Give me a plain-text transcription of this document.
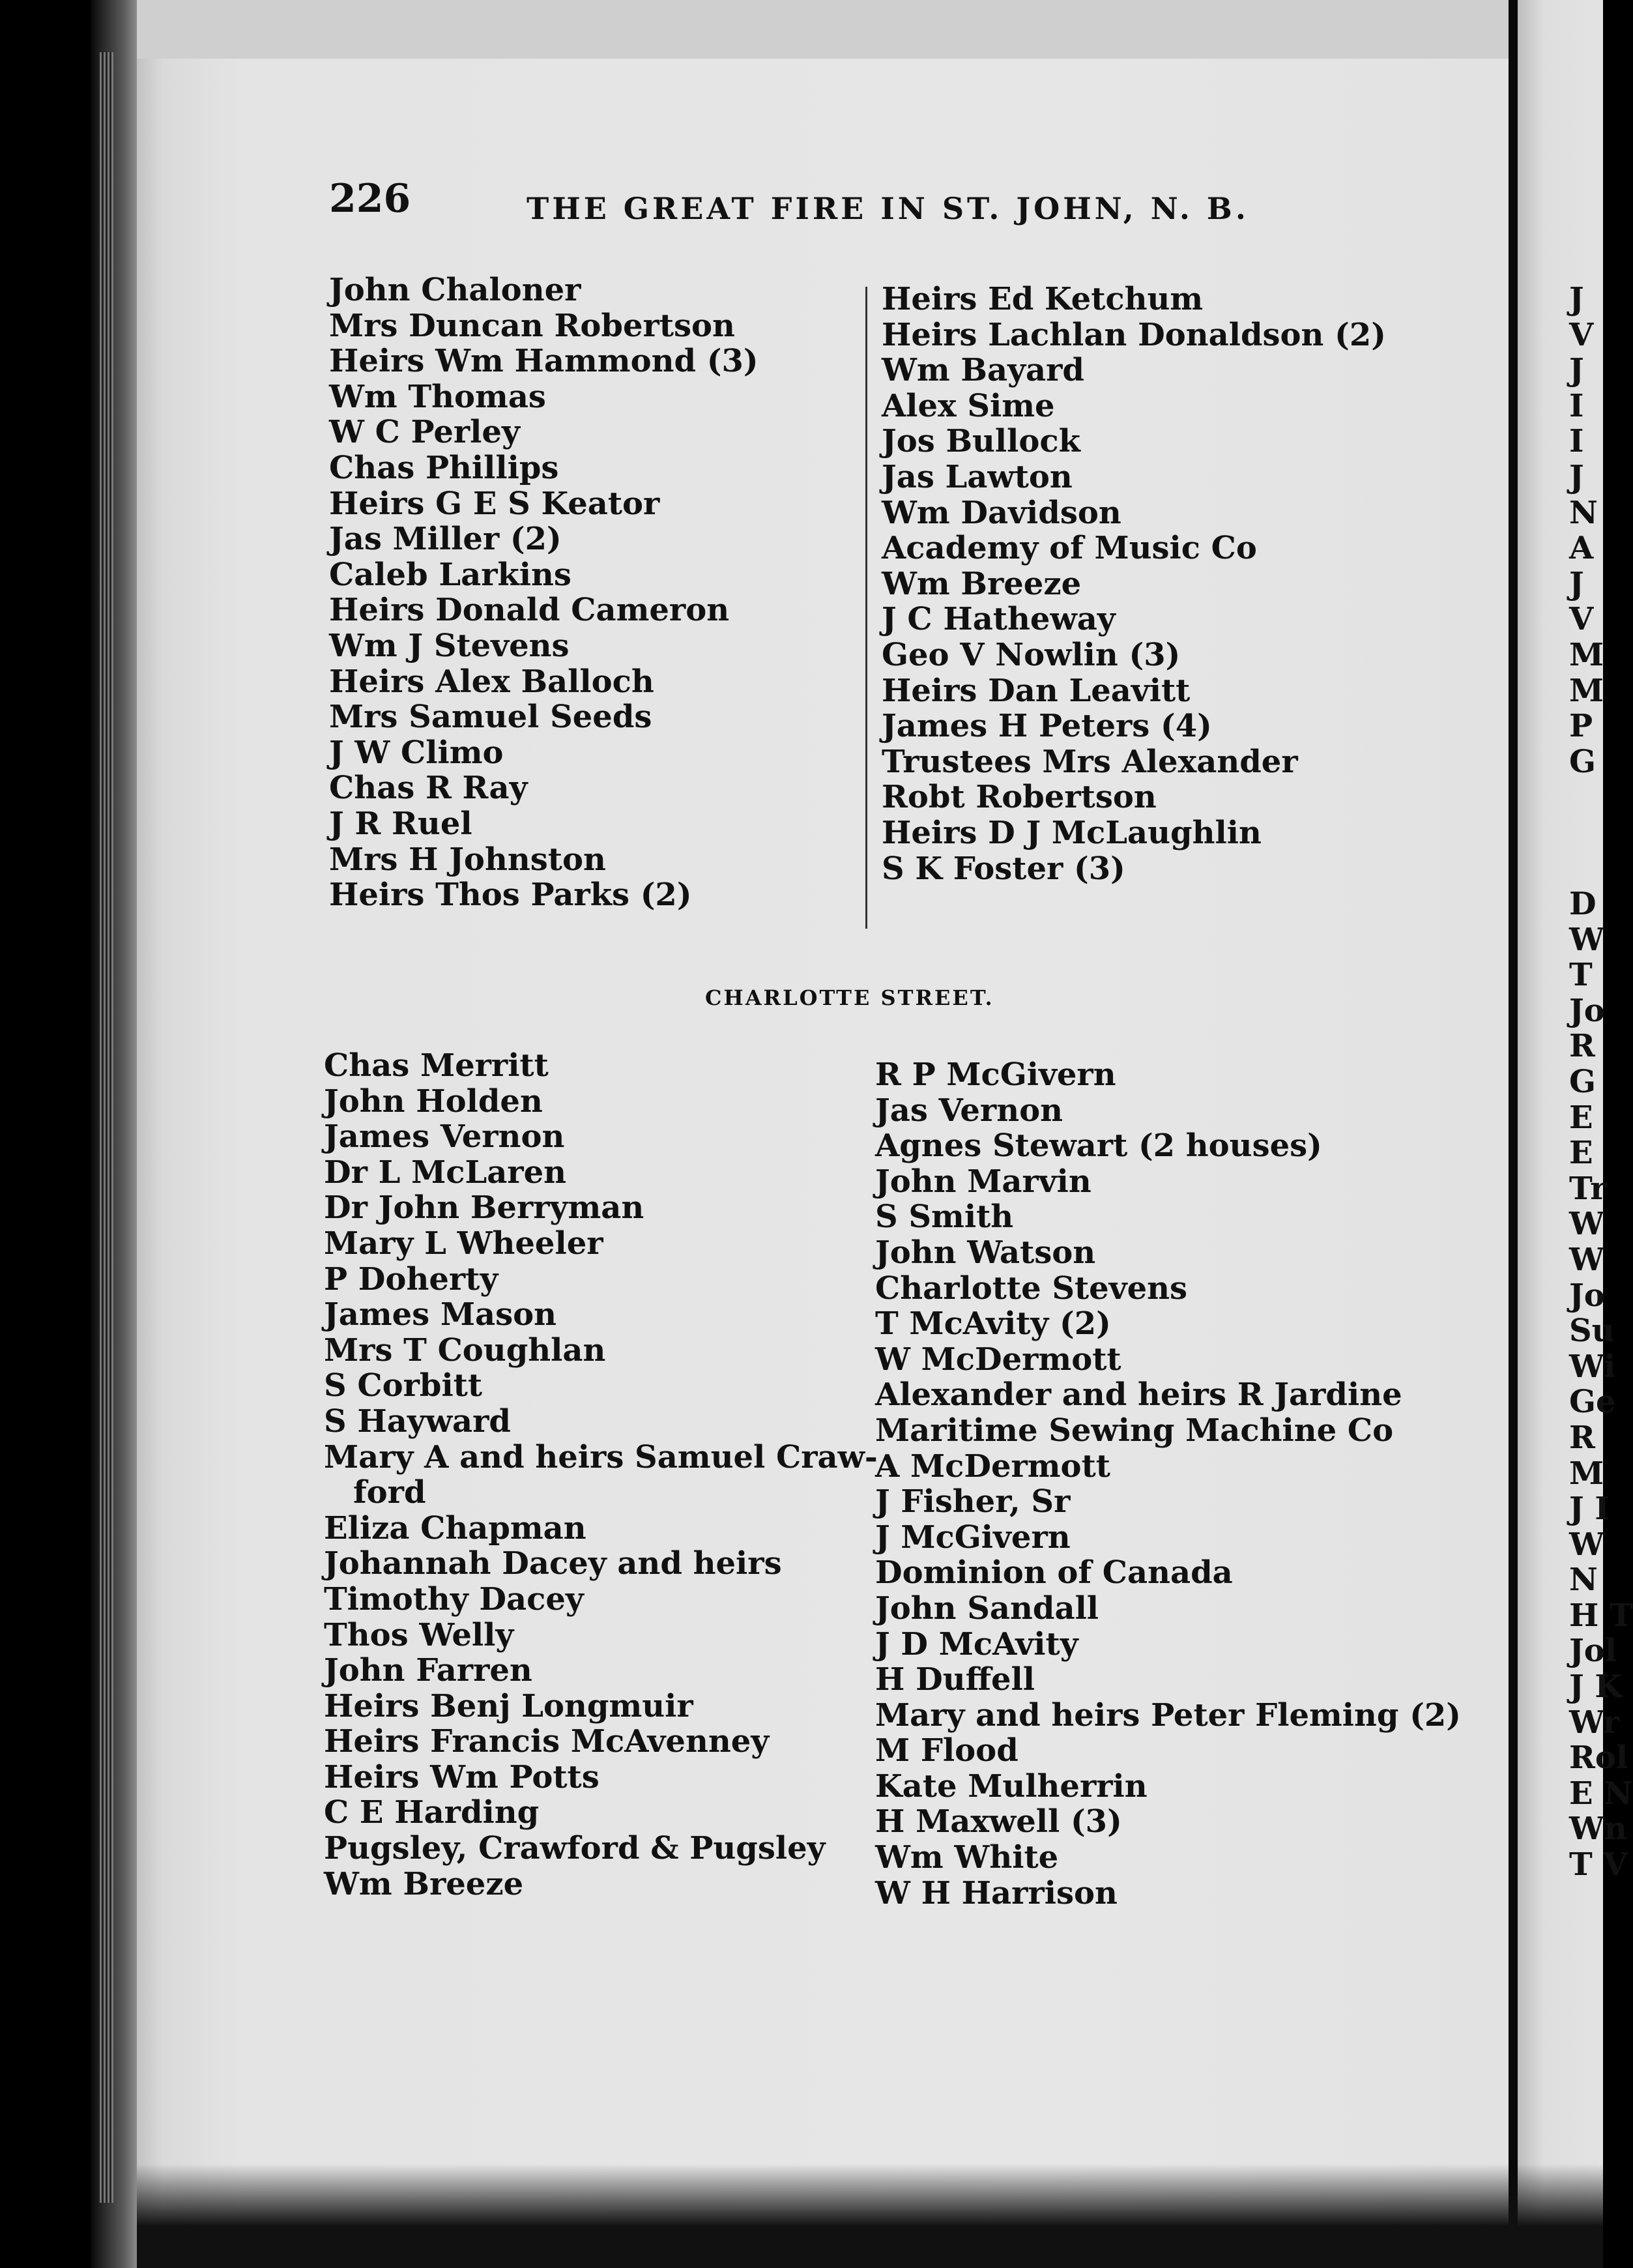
226	THE GREAT FIRE IN ST. JOHN, N. B.
John Chaloner
Mrs Duncan Robertson
Heirs Wm Hammond (3)
Wm Thomas
W C Perley
Chas Phillips
Heirs G E S Keator
Jas Miller (2)
Caleb Larkins
Heirs Donald Cameron
Wm J Stevens
Heirs Alex Balloch
Mrs Samuel Seeds
J W Climo
Chas R Ray
J R Ruel
Mrs H Johnston
Heirs Thos Parks (2)
Heirs Ed Ketchum
Heirs Lachlan Donaldson (2)
Wm Bayard
Alex Sime
Jos Bullock
Jas Lawton
Wm Davidson
Academy of Music Co
Wm Breeze
J C Hatheway
Geo V Nowlin (3)
Heirs Dan Leavitt
James H Peters (4)
Trustees Mrs Alexander
Robt Robertson
Heirs D J McLaughlin
S K Foster (3)
CHARLOTTE STREET.
Chas Merritt
John Holden
James Vernon
Dr L McLaren
Dr John Berryman
Mary L Wheeler
P Doherty
James Mason
Mrs T Coughlan
S Corbitt
S Hayward
Mary A and heirs Samuel Craw-
ford
Eliza Chapman
Johannah Dacey and heirs
Timothy Dacey
Thos Welly
John Farren
Heirs Benj Longmuir
Heirs Francis McAvenney
Heirs Wm Potts
C E Harding
Pugsley, Crawford & Pugsley
Wm Breeze
R P McGivern
Jas Vernon
Agnes Stewart (2 houses)
John Marvin
S Smith
John Watson
Charlotte Stevens
T McAvity (2)
W McDermott
Alexander and heirs R Jardine
Maritime Sewing Machine Co
A McDermott
J Fisher, Sr
J McGivern
Dominion of Canada
John Sandall
J D McAvity
H Duffell
Mary and heirs Peter Fleming (2)
M Flood
Kate Mulherrin
H Maxwell (3)
Wm White
W H Harrison
J
V
J
I
I
J
N
A
J
V
M
M
P
G
D
W
T
Jo
R
G
E
E
Tr
W
W
Jo
Su
Wi
Ge
R
M
J I
W
N
H T
Jol
J K
Wr
Rol
E N
Wn
T V
